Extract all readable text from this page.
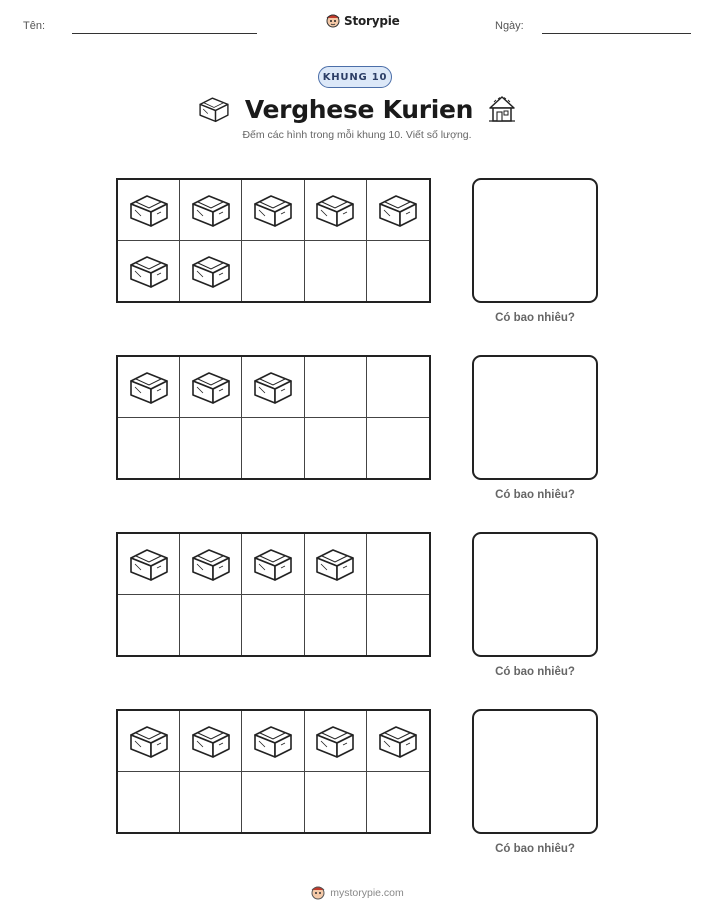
Tên:	Storypie	Ngày:
KHUNG 10
Verghese Kurien
Đếm các hình trong mỗi khung 10. Viết số lượng.
Có bao nhiêu?
Có bao nhiêu?
Có bao nhiêu?
Có bao nhiêu?
mystorypie.com
